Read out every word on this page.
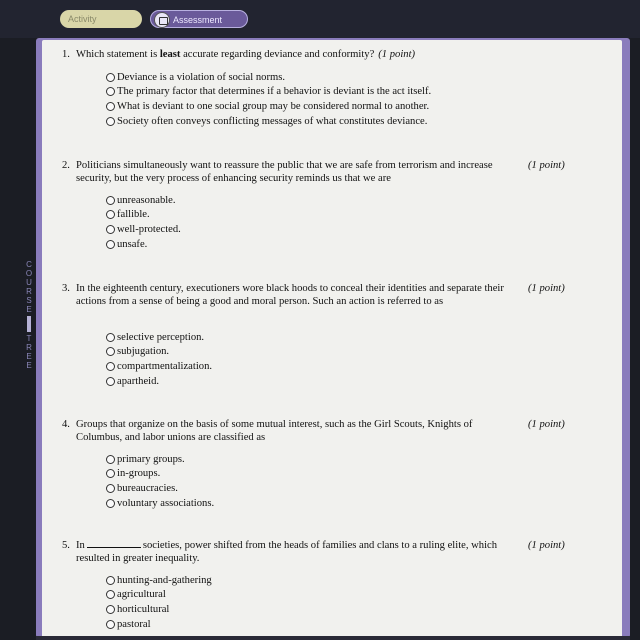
Activity	Assessment
C
O
U
R
S
E
T
R
E
E
1. Which statement is least accurate regarding deviance and conformity? (1 point)
Deviance is a violation of social norms.
The primary factor that determines if a behavior is deviant is the act itself.
What is deviant to one social group may be considered normal to another.
Society often conveys conflicting messages of what constitutes deviance.
2. Politicians simultaneously want to reassure the public that we are safe from terrorism and increase security, but the very process of enhancing security reminds us that we are
(1 point)
unreasonable.
fallible.
well-protected.
unsafe.
3. In the eighteenth century, executioners wore black hoods to conceal their identities and separate their actions from a sense of being a good and moral person. Such an action is referred to as
(1 point)
selective perception.
subjugation.
compartmentalization.
apartheid.
4. Groups that organize on the basis of some mutual interest, such as the Girl Scouts, Knights of Columbus, and labor unions are classified as
(1 point)
primary groups.
in-groups.
bureaucracies.
voluntary associations.
5. In	societies, power shifted from the heads of families and clans to a ruling elite, which resulted in greater inequality.
(1 point)
hunting-and-gathering
agricultural
horticultural
pastoral
